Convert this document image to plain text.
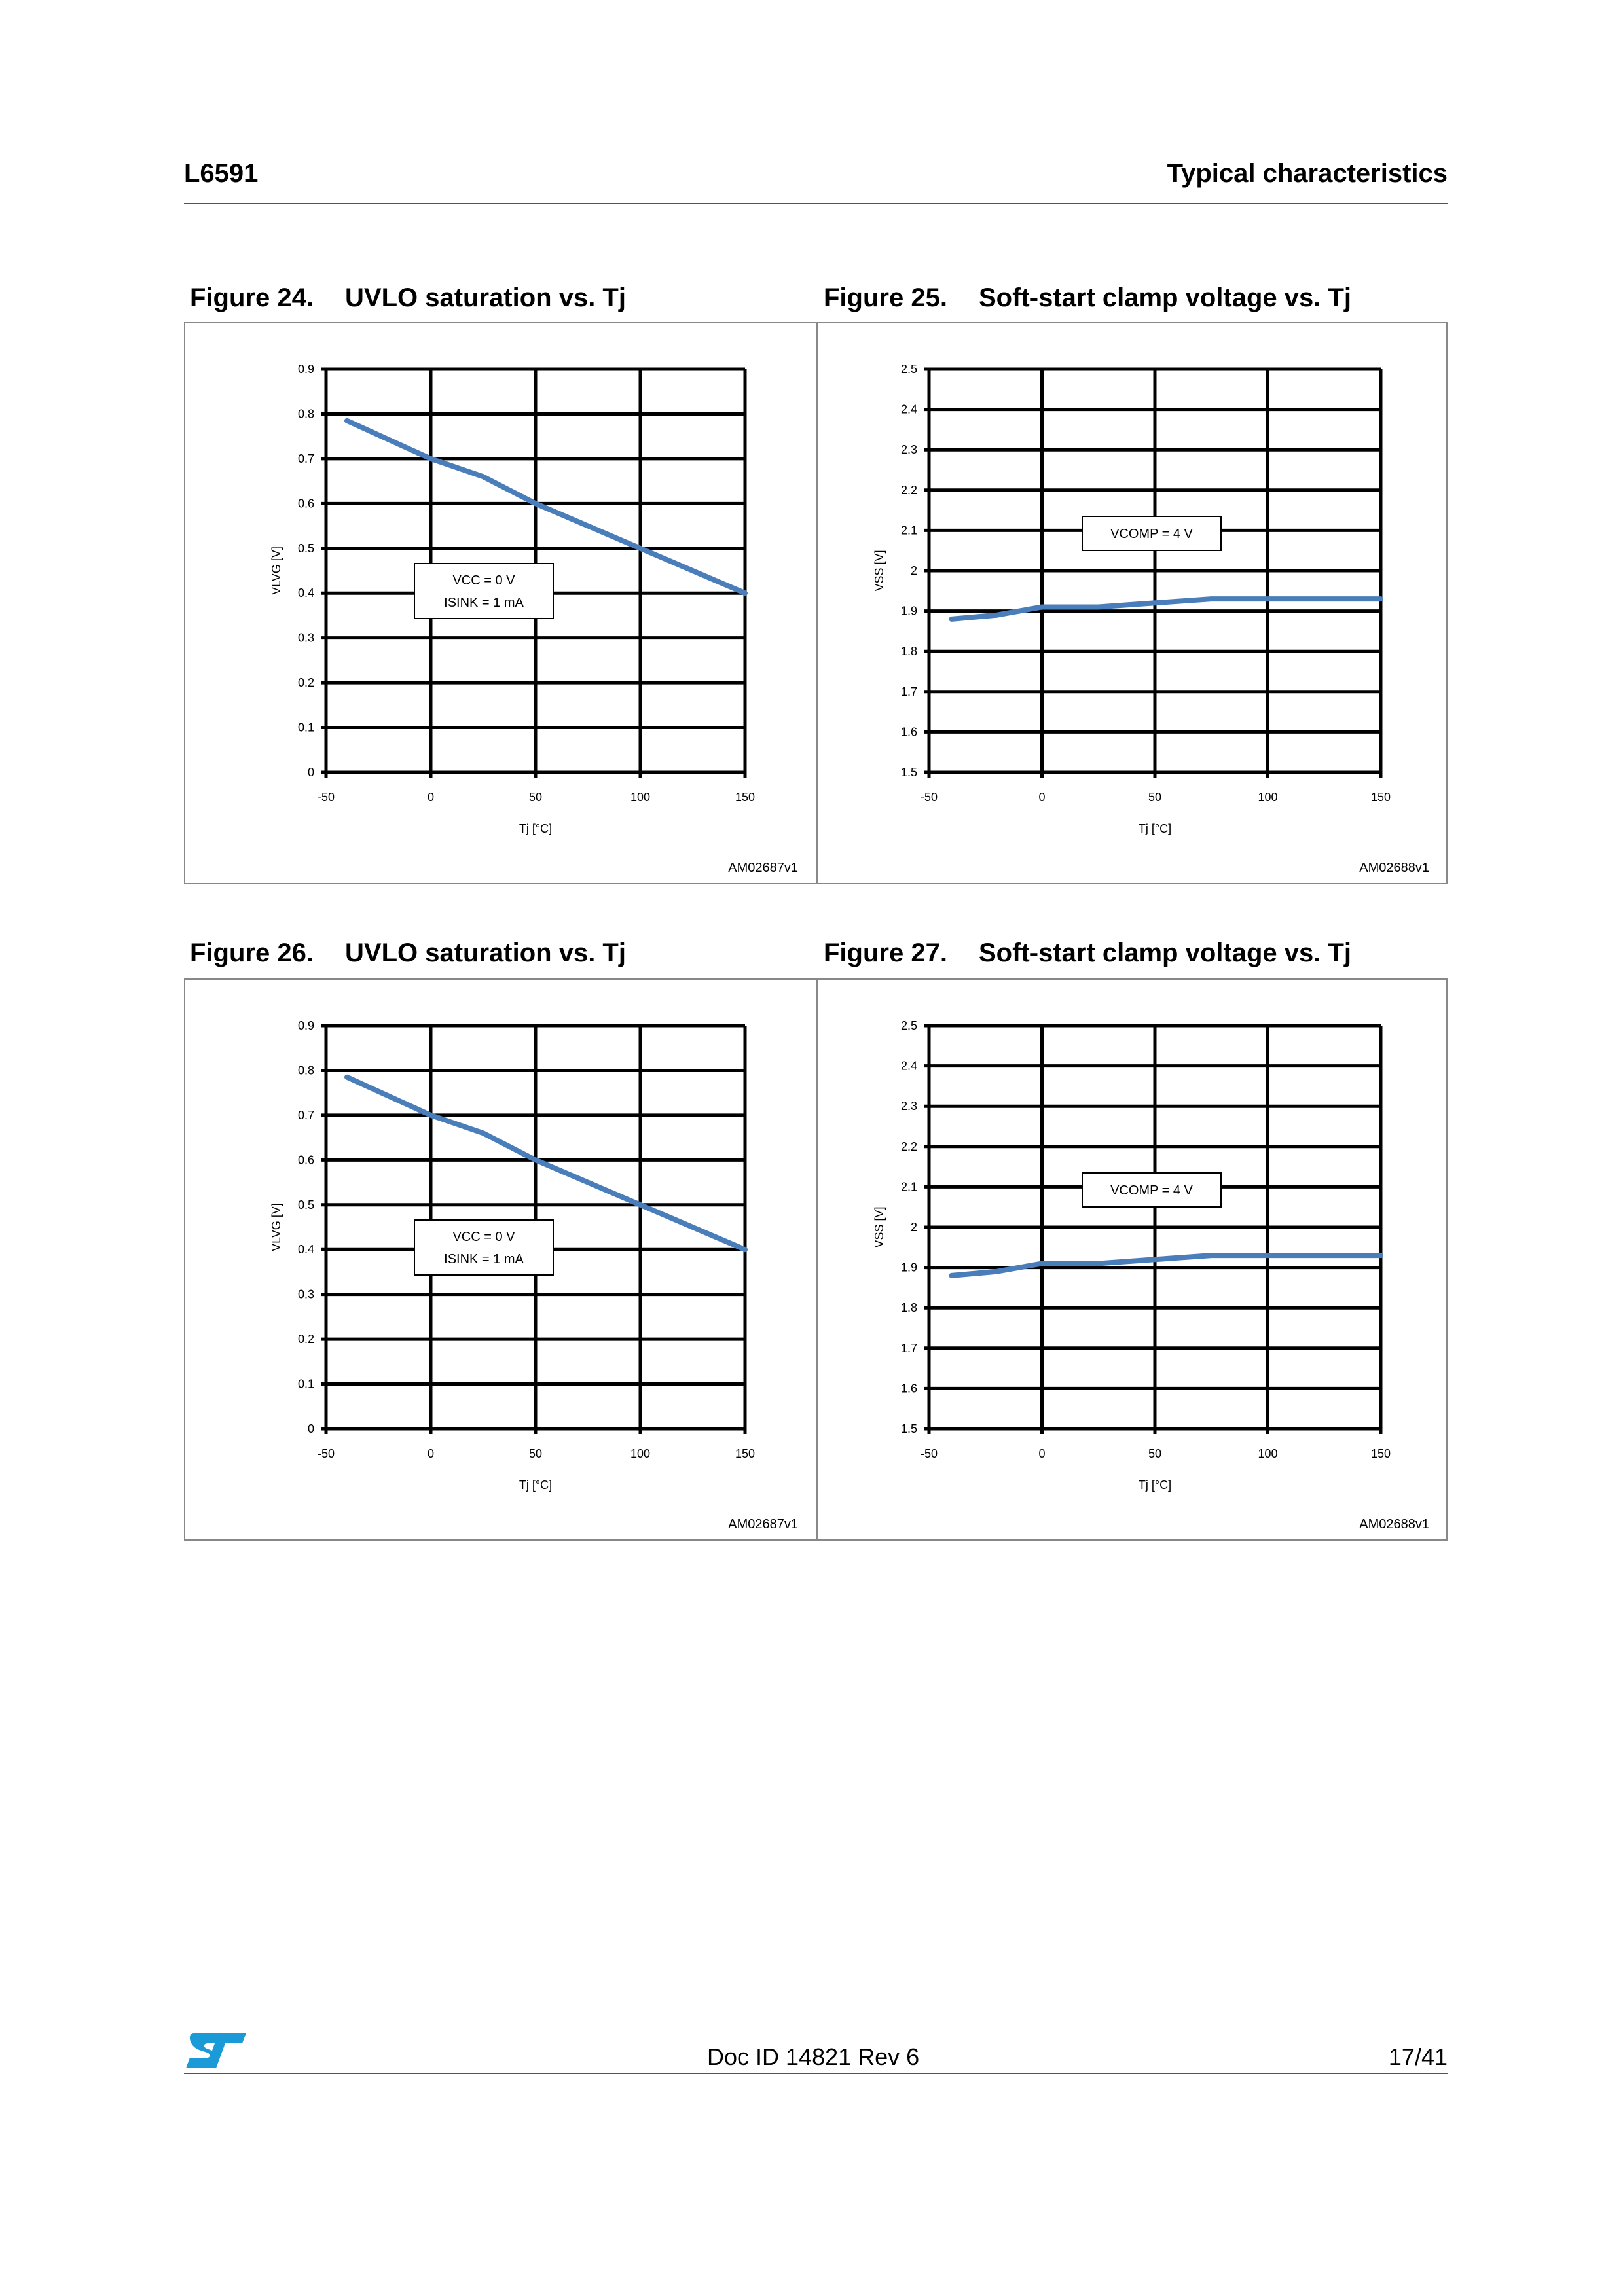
L6591	Typical characteristics
Figure 24. UVLO saturation vs. Tj	Figure 25. Soft-start clamp voltage vs. Tj
Figure 26. UVLO saturation vs. Tj	Figure 27. Soft-start clamp voltage vs. Tj
0
0.1
0.2
0.3
0.4
0.5
0.6
0.7
0.8
0.9
-50	0	50	100	150
Tj [°C]
VLVG [V]	VCC = 0 V
ISINK = 1 mA
AM02687v1
1.5
1.6
1.7
1.8
1.9
2
2.1
2.2
2.3
2.4
2.5
-50	0	50	100	150
Tj [°C]
VSS [V]
VCOMP = 4 V
AM02688v1
0
0.1
0.2
0.3
0.4
0.5
0.6
0.7
0.8
0.9
-50	0	50	100	150
Tj [°C]
VLVG [V]	VCC = 0 V
ISINK = 1 mA
AM02687v1
1.5
1.6
1.7
1.8
1.9
2
2.1
2.2
2.3
2.4
2.5
-50	0	50	100	150
Tj [°C]
VSS [V]
VCOMP = 4 V
AM02688v1
Doc ID 14821 Rev 6	17/41
